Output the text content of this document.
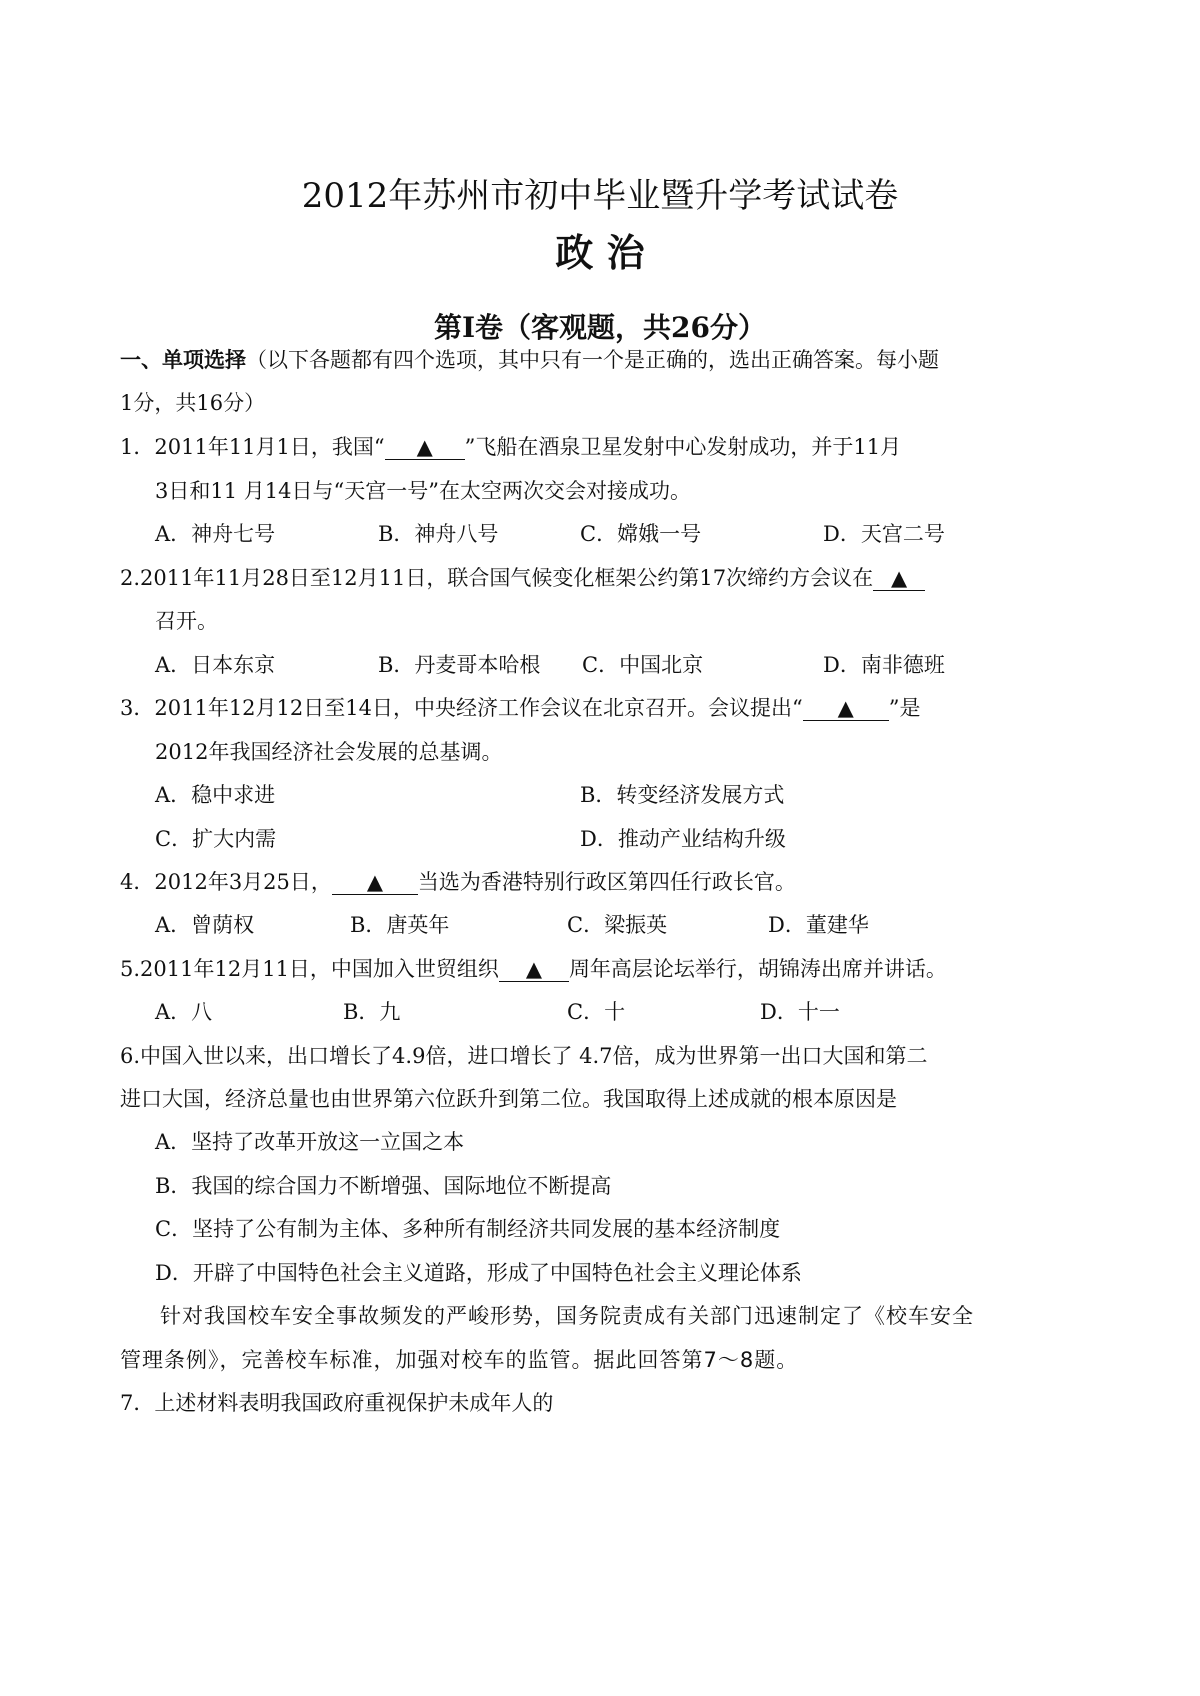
2012年苏州市初中毕业暨升学考试试卷
政 治
第I卷（客观题，共26分）
一、单项选择（以下各题都有四个选项，其中只有一个是正确的，选出正确答案。每小题
1分，共16分）
1．2011年11月1日，我国“ ▲ ”飞船在酒泉卫星发射中心发射成功，并于11月
3日和11 月14日与“天宫一号”在太空两次交会对接成功。
A．神舟七号	B．神舟八号	C．嫦娥一号	D．天宫二号
2.2011年11月28日至12月11日，联合国气候变化框架公约第17次缔约方会议在 ▲
召开。
A．日本东京	B．丹麦哥本哈根 C．中国北京	D．南非德班
3．2011年12月12日至14日，中央经济工作会议在北京召开。会议提出“ ▲ ”是
2012年我国经济社会发展的总基调。
A．稳中求进	B．转变经济发展方式
C．扩大内需	D．推动产业结构升级
4．2012年3月25日， ▲ 当选为香港特别行政区第四任行政长官。
A．曾荫权	B．唐英年	C．梁振英	D．董建华
5.2011年12月11日，中国加入世贸组织 ▲ 周年高层论坛举行，胡锦涛出席并讲话。
A．八	B．九	C．十	D．十一
6.中国入世以来，出口增长了4.9倍，进口增长了 4.7倍，成为世界第一出口大国和第二
进口大国，经济总量也由世界第六位跃升到第二位。我国取得上述成就的根本原因是
A．坚持了改革开放这一立国之本
B．我国的综合国力不断增强、国际地位不断提高
C．坚持了公有制为主体、多种所有制经济共同发展的基本经济制度
D．开辟了中国特色社会主义道路，形成了中国特色社会主义理论体系
针对我国校车安全事故频发的严峻形势，国务院责成有关部门迅速制定了《校车安全
管理条例》，完善校车标准，加强对校车的监管。据此回答第7～8题。
7．上述材料表明我国政府重视保护未成年人的
